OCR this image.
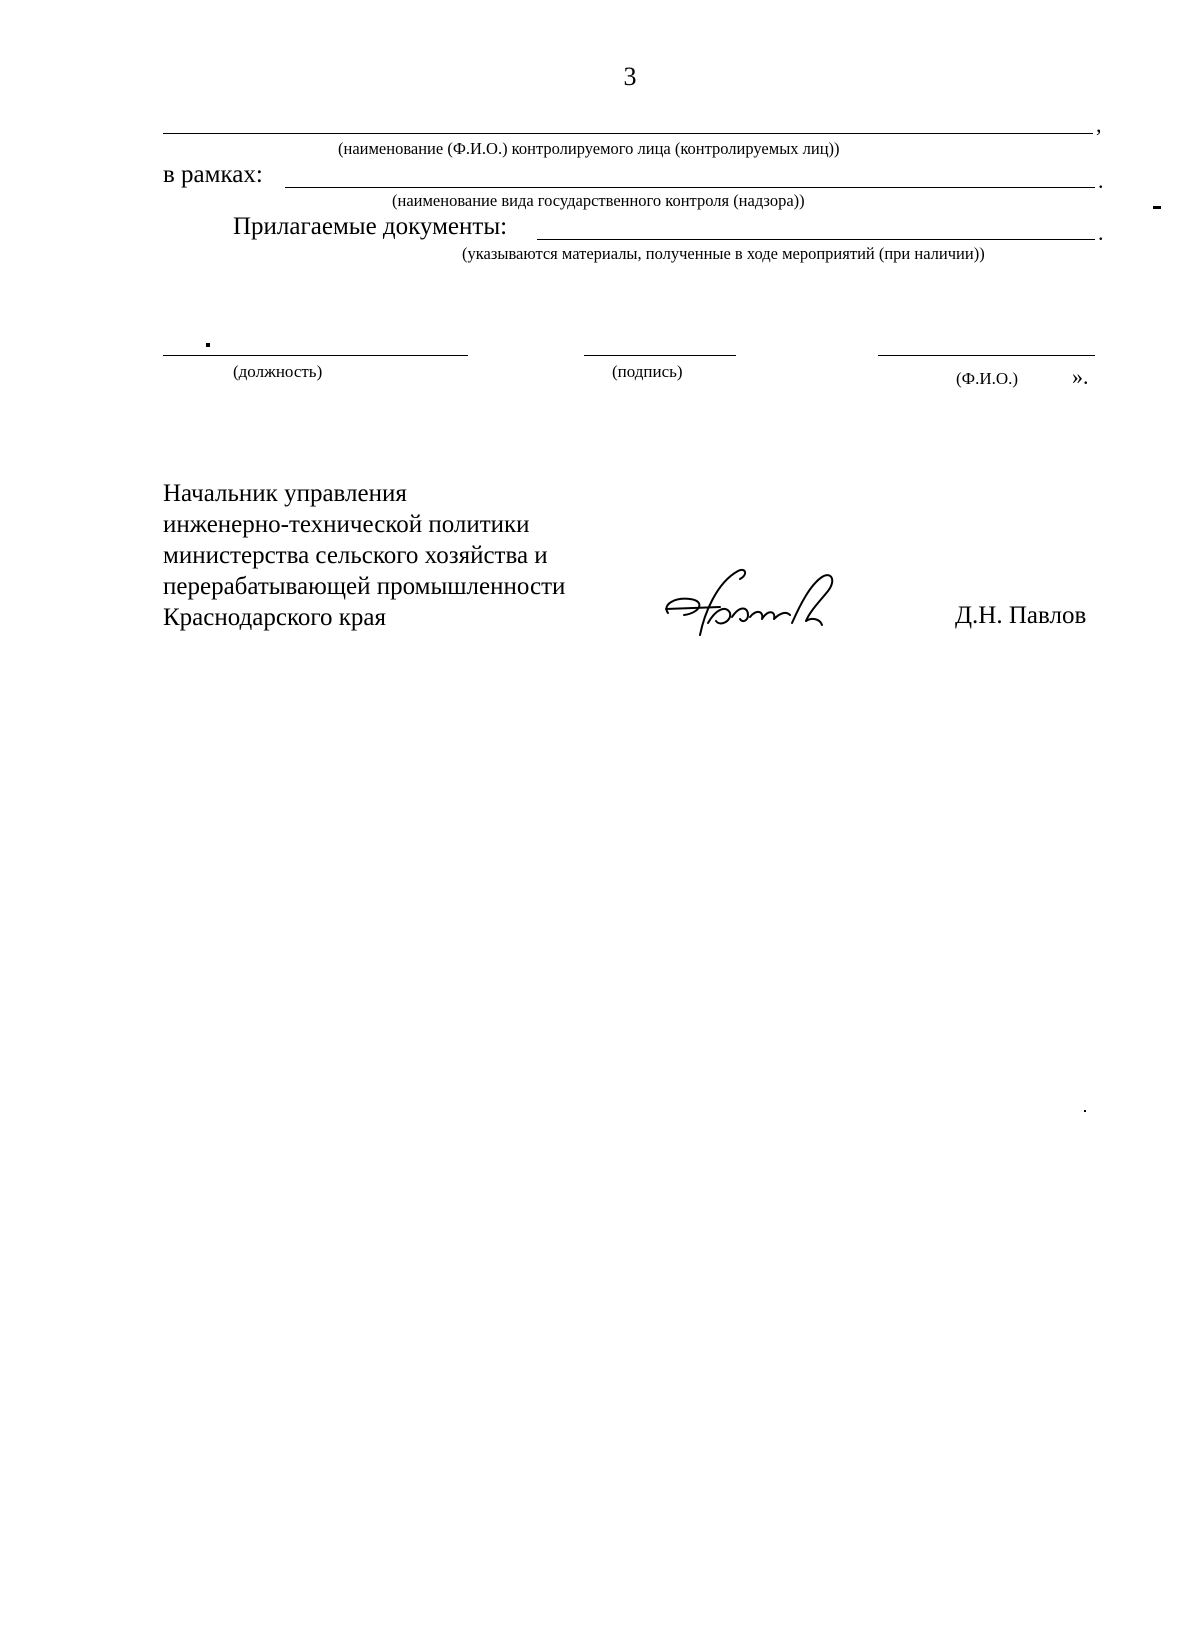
3
,
(наименование (Ф.И.О.) контролируемого лица (контролируемых лиц))
в рамках:	.
(наименование вида государственного контроля (надзора))
Прилагаемые документы:	.
(указываются материалы, полученные в ходе мероприятий (при наличии))
(должность)	(подпись)	(Ф.И.О.) ».
Начальник управления
инженерно-технической политики
министерства сельского хозяйства и
перерабатывающей промышленности
Краснодарского края	Д.Н. Павлов
